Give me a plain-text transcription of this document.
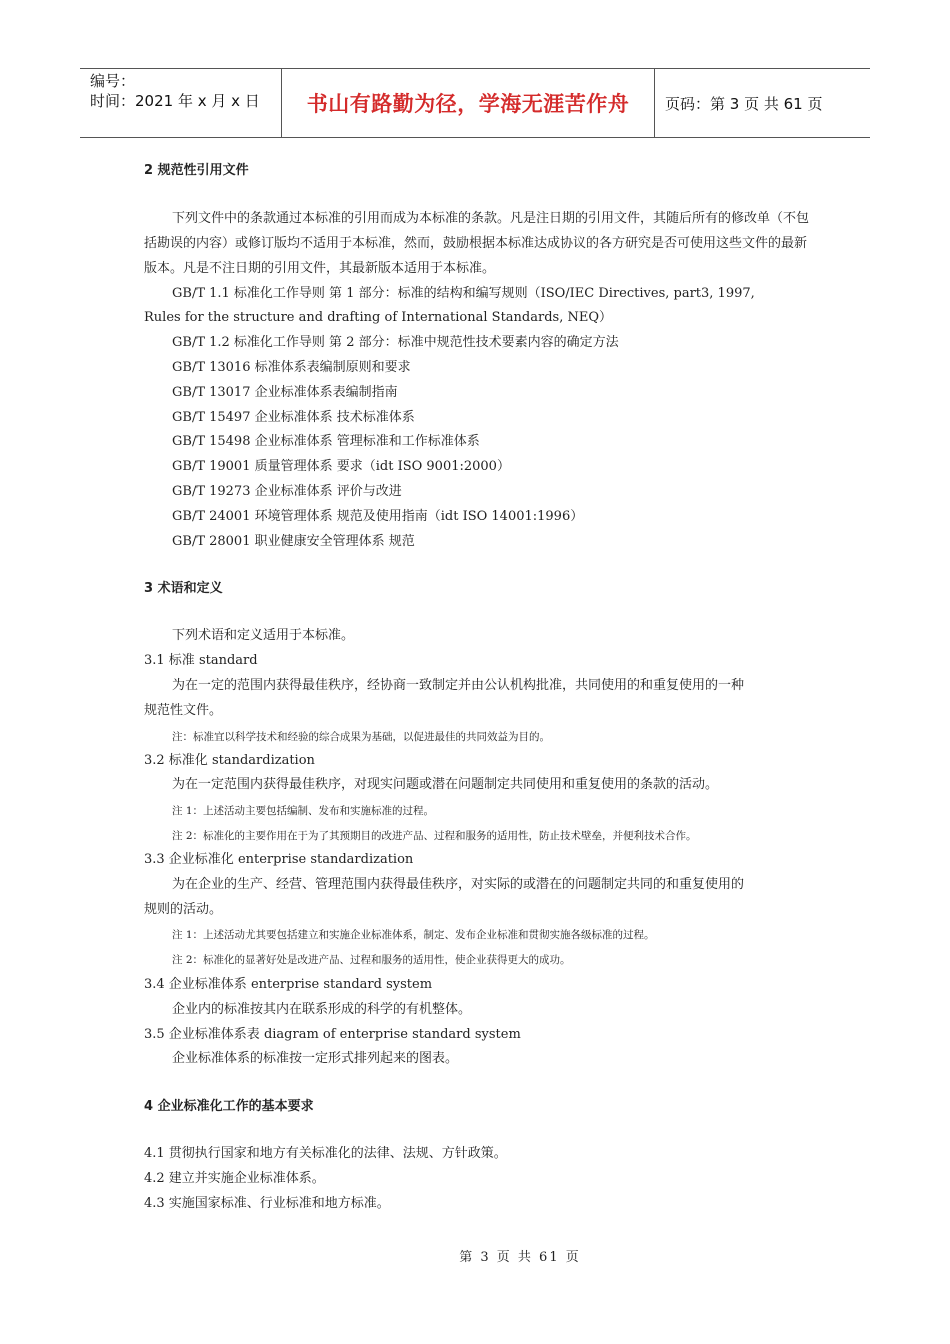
编号：
时间：2021 年 x 月 x 日	书山有路勤为径，学海无涯苦作舟 页码：第 3 页 共 61 页
2 规范性引用文件
下列文件中的条款通过本标准的引用而成为本标准的条款。凡是注日期的引用文件，其随后所有的修改单（不包括勘误的内容）或修订版均不适用于本标准，然而，鼓励根据本标准达成协议的各方研究是否可使用这些文件的最新版本。凡是不注日期的引用文件，其最新版本适用于本标准。
GB/T 1.1 标准化工作导则 第 1 部分：标准的结构和编写规则（ISO/IEC Directives, part3, 1997,
Rules for the structure and drafting of International Standards, NEQ）
GB/T 1.2 标准化工作导则 第 2 部分：标准中规范性技术要素内容的确定方法
GB/T 13016 标准体系表编制原则和要求
GB/T 13017 企业标准体系表编制指南
GB/T 15497 企业标准体系 技术标准体系
GB/T 15498 企业标准体系 管理标准和工作标准体系
GB/T 19001 质量管理体系 要求（idt ISO 9001:2000）
GB/T 19273 企业标准体系 评价与改进
GB/T 24001 环境管理体系 规范及使用指南（idt ISO 14001:1996）
GB/T 28001 职业健康安全管理体系 规范
3 术语和定义
下列术语和定义适用于本标准。
3.1 标准 standard
为在一定的范围内获得最佳秩序，经协商一致制定并由公认机构批准，共同使用的和重复使用的一种
规范性文件。
注：标准宜以科学技术和经验的综合成果为基础，以促进最佳的共同效益为目的。
3.2 标准化 standardization
为在一定范围内获得最佳秩序，对现实问题或潜在问题制定共同使用和重复使用的条款的活动。
注 1：上述活动主要包括编制、发布和实施标准的过程。
注 2：标准化的主要作用在于为了其预期目的改进产品、过程和服务的适用性，防止技术壁垒，并便利技术合作。
3.3 企业标准化 enterprise standardization
为在企业的生产、经营、管理范围内获得最佳秩序，对实际的或潜在的问题制定共同的和重复使用的
规则的活动。
注 1：上述活动尤其要包括建立和实施企业标准体系，制定、发布企业标准和贯彻实施各级标准的过程。
注 2：标准化的显著好处是改进产品、过程和服务的适用性，使企业获得更大的成功。
3.4 企业标准体系 enterprise standard system
企业内的标准按其内在联系形成的科学的有机整体。
3.5 企业标准体系表 diagram of enterprise standard system
企业标准体系的标准按一定形式排列起来的图表。
4 企业标准化工作的基本要求
4.1 贯彻执行国家和地方有关标准化的法律、法规、方针政策。
4.2 建立并实施企业标准体系。
4.3 实施国家标准、行业标准和地方标准。
第 3 页 共 61 页
